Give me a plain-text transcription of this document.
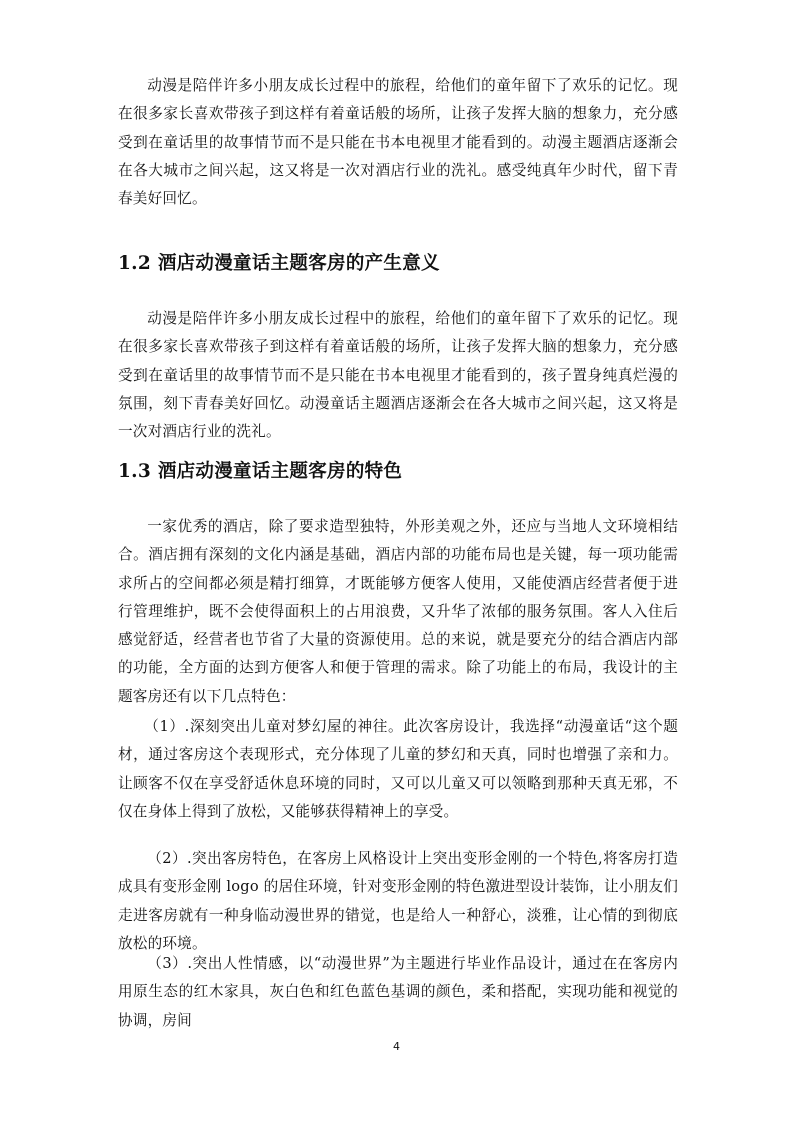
动漫是陪伴许多小朋友成长过程中的旅程，给他们的童年留下了欢乐的记忆。现在很多家长喜欢带孩子到这样有着童话般的场所，让孩子发挥大脑的想象力，充分感受到在童话里的故事情节而不是只能在书本电视里才能看到的。动漫主题酒店逐渐会在各大城市之间兴起，这又将是一次对酒店行业的洗礼。感受纯真年少时代，留下青春美好回忆。

1.2 酒店动漫童话主题客房的产生意义

动漫是陪伴许多小朋友成长过程中的旅程，给他们的童年留下了欢乐的记忆。现在很多家长喜欢带孩子到这样有着童话般的场所，让孩子发挥大脑的想象力，充分感受到在童话里的故事情节而不是只能在书本电视里才能看到的，孩子置身纯真烂漫的氛围，刻下青春美好回忆。动漫童话主题酒店逐渐会在各大城市之间兴起，这又将是一次对酒店行业的洗礼。

1.3 酒店动漫童话主题客房的特色

一家优秀的酒店，除了要求造型独特，外形美观之外，还应与当地人文环境相结合。酒店拥有深刻的文化内涵是基础，酒店内部的功能布局也是关键，每一项功能需求所占的空间都必须是精打细算，才既能够方便客人使用，又能使酒店经营者便于进行管理维护，既不会使得面积上的占用浪费，又升华了浓郁的服务氛围。客人入住后感觉舒适，经营者也节省了大量的资源使用。总的来说，就是要充分的结合酒店内部的功能，全方面的达到方便客人和便于管理的需求。除了功能上的布局，我设计的主题客房还有以下几点特色：

（1）.深刻突出儿童对梦幻屋的神往。此次客房设计，我选择“动漫童话“这个题材，通过客房这个表现形式，充分体现了儿童的梦幻和天真，同时也增强了亲和力。让顾客不仅在享受舒适休息环境的同时，又可以儿童又可以领略到那种天真无邪，不仅在身体上得到了放松，又能够获得精神上的享受。

（2）.突出客房特色，在客房上风格设计上突出变形金刚的一个特色,将客房打造成具有变形金刚 logo 的居住环境，针对变形金刚的特色激进型设计装饰，让小朋友们走进客房就有一种身临动漫世界的错觉，也是给人一种舒心，淡雅，让心情的到彻底放松的环境。

（3）.突出人性情感，以“动漫世界”为主题进行毕业作品设计，通过在在客房内用原生态的红木家具，灰白色和红色蓝色基调的颜色，柔和搭配，实现功能和视觉的协调，房间

4
